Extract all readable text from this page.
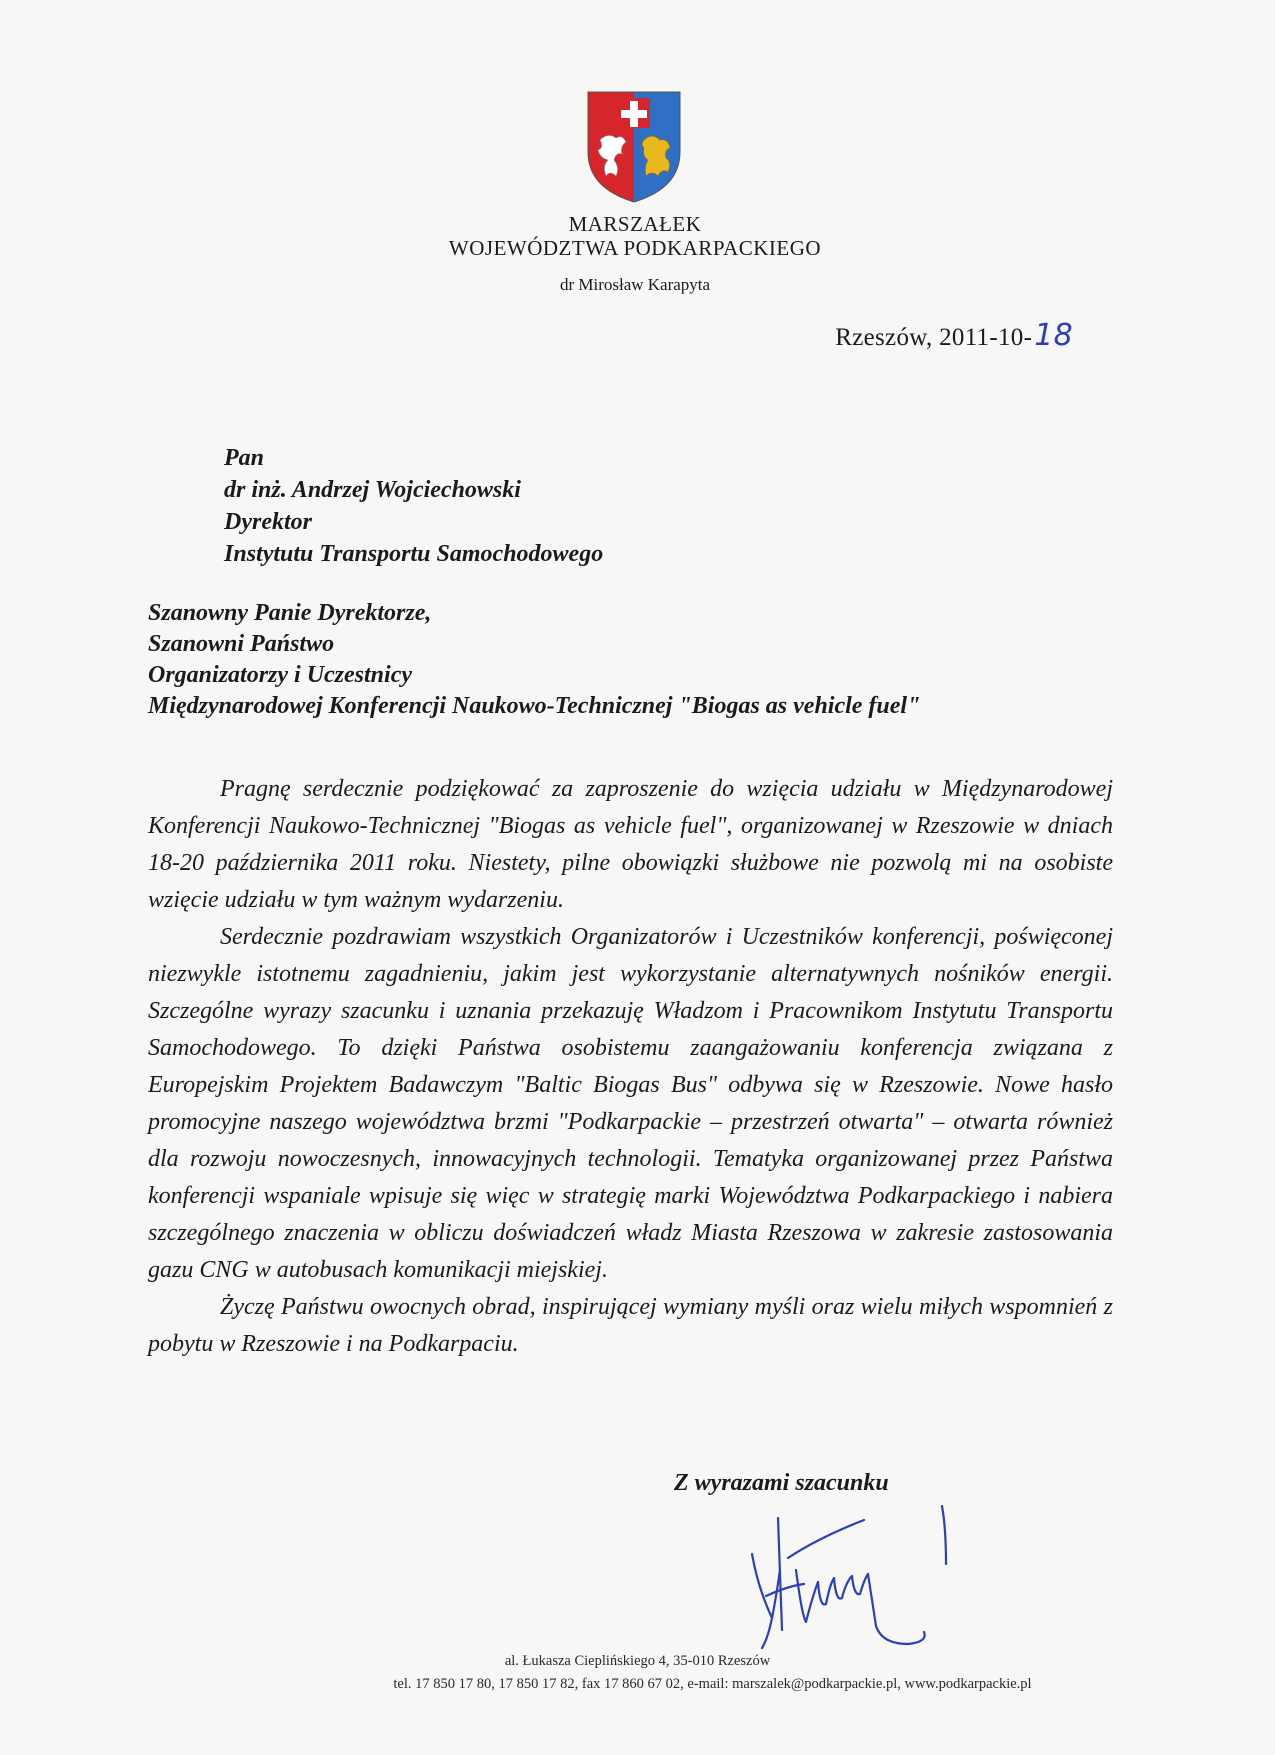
MARSZAŁEK
WOJEWÓDZTWA PODKARPACKIEGO
dr Mirosław Karapyta
Rzeszów, 2011-10-18
Pan
dr inż. Andrzej Wojciechowski
Dyrektor
Instytutu Transportu Samochodowego
Szanowny Panie Dyrektorze,
Szanowni Państwo
Organizatorzy i Uczestnicy
Międzynarodowej Konferencji Naukowo-Technicznej "Biogas as vehicle fuel"

Pragnę serdecznie podziękować za zaproszenie do wzięcia udziału w Międzynarodowej Konferencji Naukowo-Technicznej "Biogas as vehicle fuel", organizowanej w Rzeszowie w dniach 18-20 października 2011 roku. Niestety, pilne obowiązki służbowe nie pozwolą mi na osobiste wzięcie udziału w tym ważnym wydarzeniu.

Serdecznie pozdrawiam wszystkich Organizatorów i Uczestników konferencji, poświęconej niezwykle istotnemu zagadnieniu, jakim jest wykorzystanie alternatywnych nośników energii. Szczególne wyrazy szacunku i uznania przekazuję Władzom i Pracownikom Instytutu Transportu Samochodowego. To dzięki Państwa osobistemu zaangażowaniu konferencja związana z Europejskim Projektem Badawczym "Baltic Biogas Bus" odbywa się w Rzeszowie. Nowe hasło promocyjne naszego województwa brzmi "Podkarpackie – przestrzeń otwarta" – otwarta również dla rozwoju nowoczesnych, innowacyjnych technologii. Tematyka organizowanej przez Państwa konferencji wspaniale wpisuje się więc w strategię marki Województwa Podkarpackiego i nabiera szczególnego znaczenia w obliczu doświadczeń władz Miasta Rzeszowa w zakresie zastosowania gazu CNG w autobusach komunikacji miejskiej.

Życzę Państwu owocnych obrad, inspirującej wymiany myśli oraz wielu miłych wspomnień z pobytu w Rzeszowie i na Podkarpaciu.

Z wyrazami szacunku
al. Łukasza Cieplińskiego 4, 35-010 Rzeszów
tel. 17 850 17 80, 17 850 17 82, fax 17 860 67 02, e-mail: marszalek@podkarpackie.pl, www.podkarpackie.pl
